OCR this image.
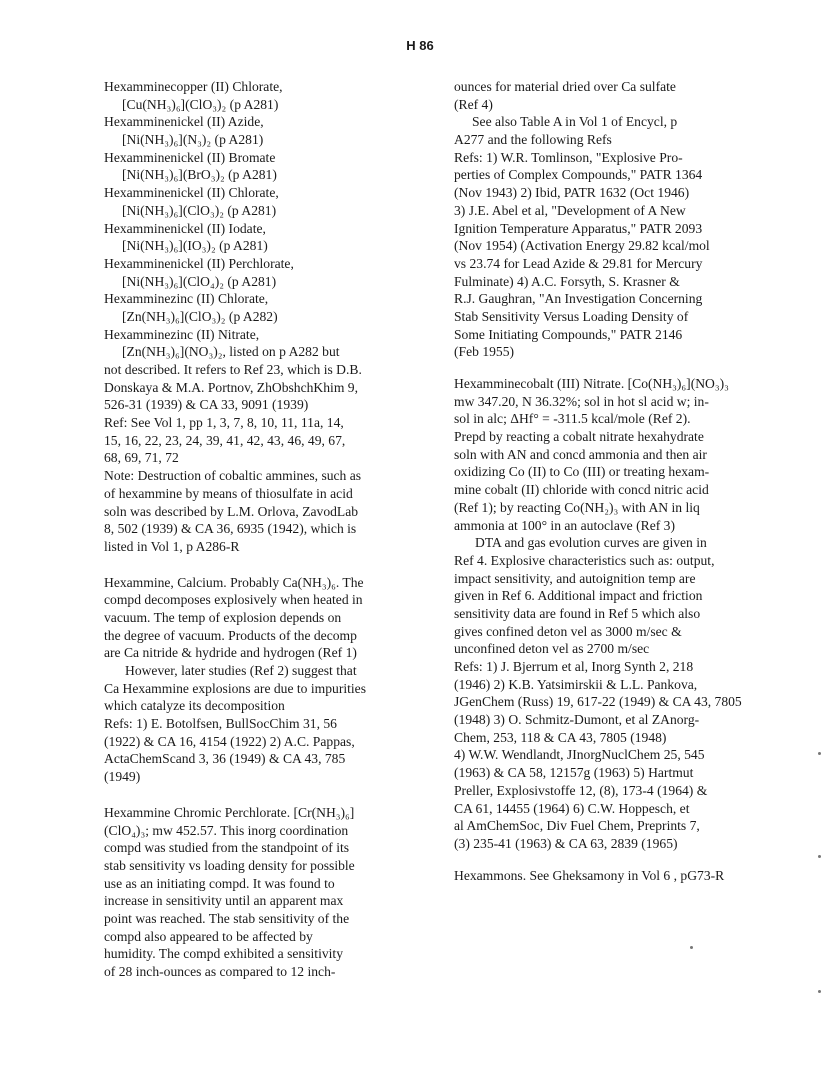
H 86
Hexamminecopper (II) Chlorate,
[Cu(NH₃)₆](ClO₃)₂ (p A281)
Hexamminenickel (II) Azide,
[Ni(NH₃)₆](N₃)₂ (p A281)
Hexamminenickel (II) Bromate
[Ni(NH₃)₆](BrO₃)₂ (p A281)
Hexamminenickel (II) Chlorate,
[Ni(NH₃)₆](ClO₃)₂ (p A281)
Hexamminenickel (II) Iodate,
[Ni(NH₃)₆](IO₃)₂ (p A281)
Hexamminenickel (II) Perchlorate,
[Ni(NH₃)₆](ClO₄)₂ (p A281)
Hexamminezinc (II) Chlorate,
[Zn(NH₃)₆](ClO₃)₂ (p A282)
Hexamminezinc (II) Nitrate,
[Zn(NH₃)₆](NO₃)₂, listed on p A282 but
not described. It refers to Ref 23, which is D.B.
Donskaya & M.A. Portnov, ZhObshchKhim 9,
526-31 (1939) & CA 33, 9091 (1939)
Ref: See Vol 1, pp 1, 3, 7, 8, 10, 11, 11a, 14,
15, 16, 22, 23, 24, 39, 41, 42, 43, 46, 49, 67,
68, 69, 71, 72
Note: Destruction of cobaltic ammines, such as
of hexammine by means of thiosulfate in acid
soln was described by L.M. Orlova, ZavodLab
8, 502 (1939) & CA 36, 6935 (1942), which is
listed in Vol 1, p A286-R
Hexammine, Calcium. Probably Ca(NH₃)₆. The
compd decomposes explosively when heated in
vacuum. The temp of explosion depends on
the degree of vacuum. Products of the decomp
are Ca nitride & hydride and hydrogen (Ref 1)
However, later studies (Ref 2) suggest that
Ca Hexammine explosions are due to impurities
which catalyze its decomposition
Refs: 1) E. Botolfsen, BullSocChim 31, 56
(1922) & CA 16, 4154 (1922) 2) A.C. Pappas,
ActaChemScand 3, 36 (1949) & CA 43, 785
(1949)
Hexammine Chromic Perchlorate. [Cr(NH₃)₆]
(ClO₄)₃; mw 452.57. This inorg coordination
compd was studied from the standpoint of its
stab sensitivity vs loading density for possible
use as an initiating compd. It was found to
increase in sensitivity until an apparent max
point was reached. The stab sensitivity of the
compd also appeared to be affected by
humidity. The compd exhibited a sensitivity
of 28 inch-ounces as compared to 12 inch-
ounces for material dried over Ca sulfate
(Ref 4)
See also Table A in Vol 1 of Encycl, p
A277 and the following Refs
Refs: 1) W.R. Tomlinson, "Explosive Pro-
perties of Complex Compounds," PATR 1364
(Nov 1943) 2) Ibid, PATR 1632 (Oct 1946)
3) J.E. Abel et al, "Development of A New
Ignition Temperature Apparatus," PATR 2093
(Nov 1954) (Activation Energy 29.82 kcal/mol
vs 23.74 for Lead Azide & 29.81 for Mercury
Fulminate) 4) A.C. Forsyth, S. Krasner &
R.J. Gaughran, "An Investigation Concerning
Stab Sensitivity Versus Loading Density of
Some Initiating Compounds," PATR 2146
(Feb 1955)
Hexamminecobalt (III) Nitrate. [Co(NH₃)₆](NO₃)₃
mw 347.20, N 36.32%; sol in hot sl acid w; in-
sol in alc; ΔHf° = -311.5 kcal/mole (Ref 2).
Prepd by reacting a cobalt nitrate hexahydrate
soln with AN and concd ammonia and then air
oxidizing Co (II) to Co (III) or treating hexam-
mine cobalt (II) chloride with concd nitric acid
(Ref 1); by reacting Co(NH₂)₃ with AN in liq
ammonia at 100° in an autoclave (Ref 3)
DTA and gas evolution curves are given in
Ref 4. Explosive characteristics such as: output,
impact sensitivity, and autoignition temp are
given in Ref 6. Additional impact and friction
sensitivity data are found in Ref 5 which also
gives confined deton vel as 3000 m/sec &
unconfined deton vel as 2700 m/sec
Refs: 1) J. Bjerrum et al, Inorg Synth 2, 218
(1946) 2) K.B. Yatsimirskii & L.L. Pankova,
JGenChem (Russ) 19, 617-22 (1949) & CA 43, 7805
(1948) 3) O. Schmitz-Dumont, et al ZAnorg-
Chem, 253, 118 & CA 43, 7805 (1948)
4) W.W. Wendlandt, JInorgNuclChem 25, 545
(1963) & CA 58, 12157g (1963) 5) Hartmut
Preller, Explosivstoffe 12, (8), 173-4 (1964) &
CA 61, 14455 (1964) 6) C.W. Hoppesch, et
al AmChemSoc, Div Fuel Chem, Preprints 7,
(3) 235-41 (1963) & CA 63, 2839 (1965)
Hexammons. See Gheksamony in Vol 6 , pG73-R
